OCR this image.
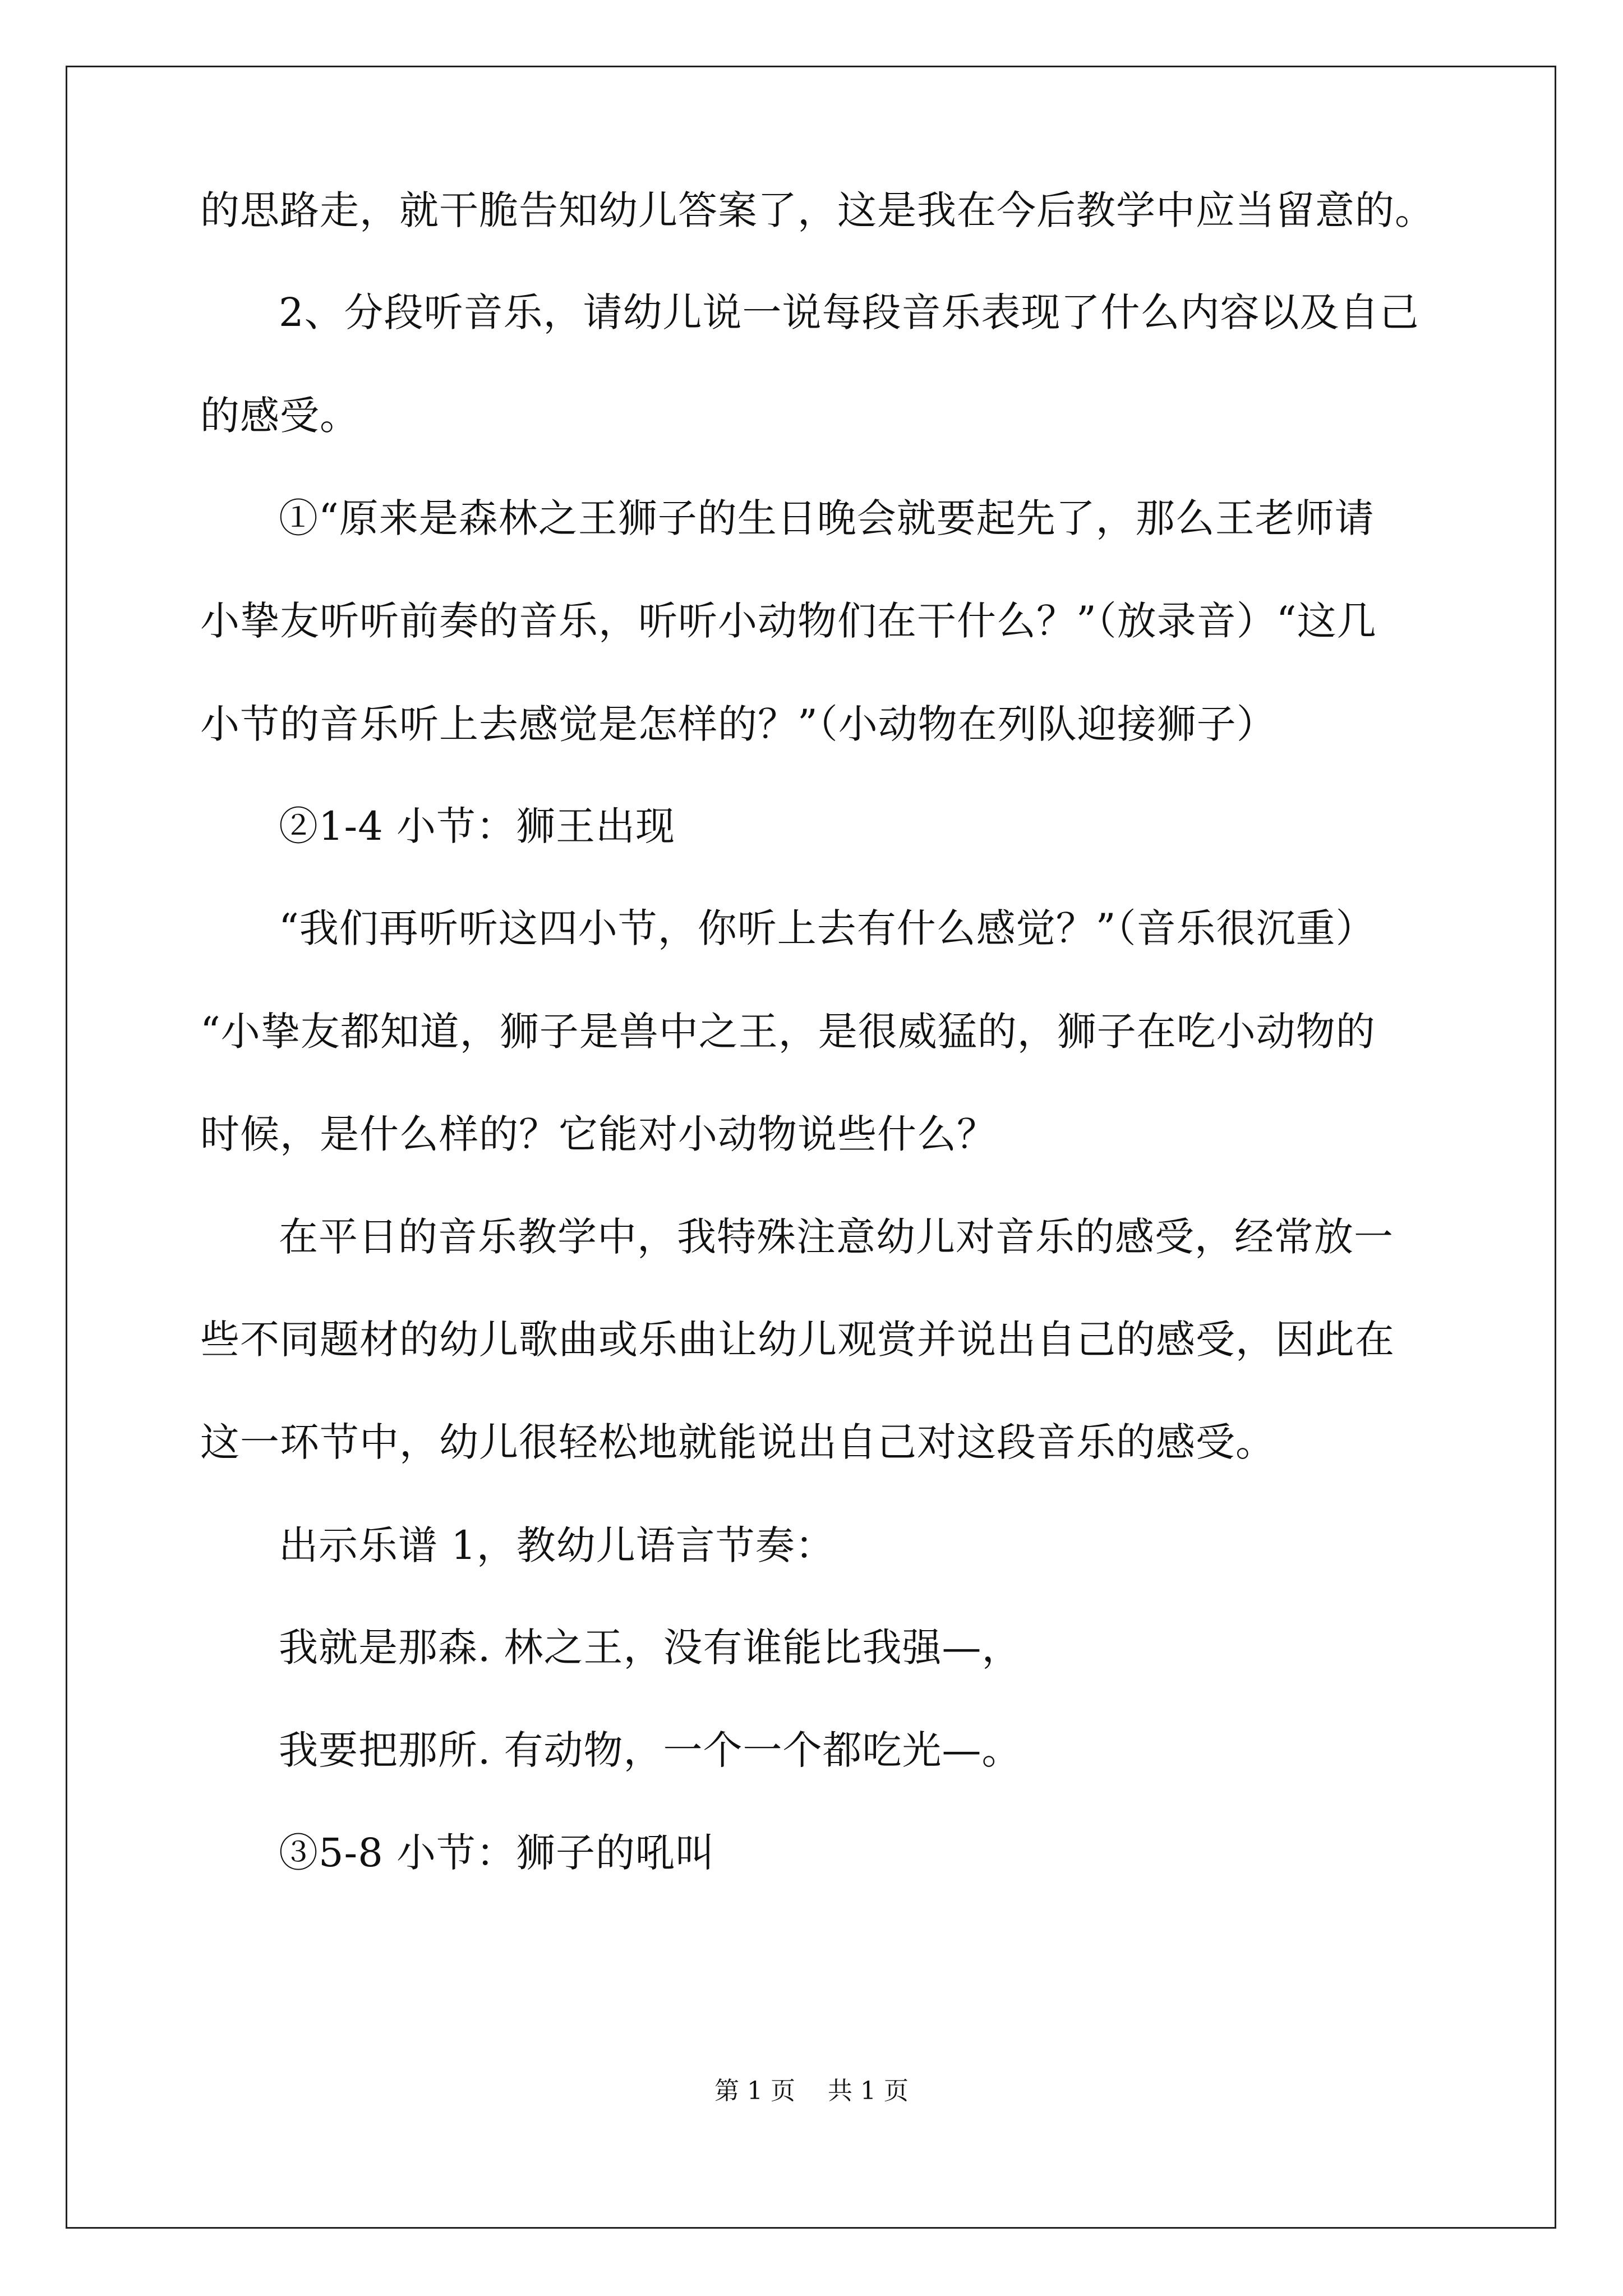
的思路走，就干脆告知幼儿答案了，这是我在今后教学中应当留意的。
2、分段听音乐，请幼儿说一说每段音乐表现了什么内容以及自己
的感受。
①“原来是森林之王狮子的生日晚会就要起先了，那么王老师请
小挚友听听前奏的音乐，听听小动物们在干什么？”（放录音）“这几
小节的音乐听上去感觉是怎样的？”（小动物在列队迎接狮子）
②1-4 小节：狮王出现
“我们再听听这四小节，你听上去有什么感觉？”（音乐很沉重）
“小挚友都知道，狮子是兽中之王，是很威猛的，狮子在吃小动物的
时候，是什么样的？它能对小动物说些什么？
在平日的音乐教学中，我特殊注意幼儿对音乐的感受，经常放一
些不同题材的幼儿歌曲或乐曲让幼儿观赏并说出自己的感受，因此在
这一环节中，幼儿很轻松地就能说出自己对这段音乐的感受。
出示乐谱 1，教幼儿语言节奏：
我就是那森. 林之王，没有谁能比我强—，
我要把那所. 有动物，一个一个都吃光—。
③5-8 小节：狮子的吼叫
第 1 页　 共 1 页
